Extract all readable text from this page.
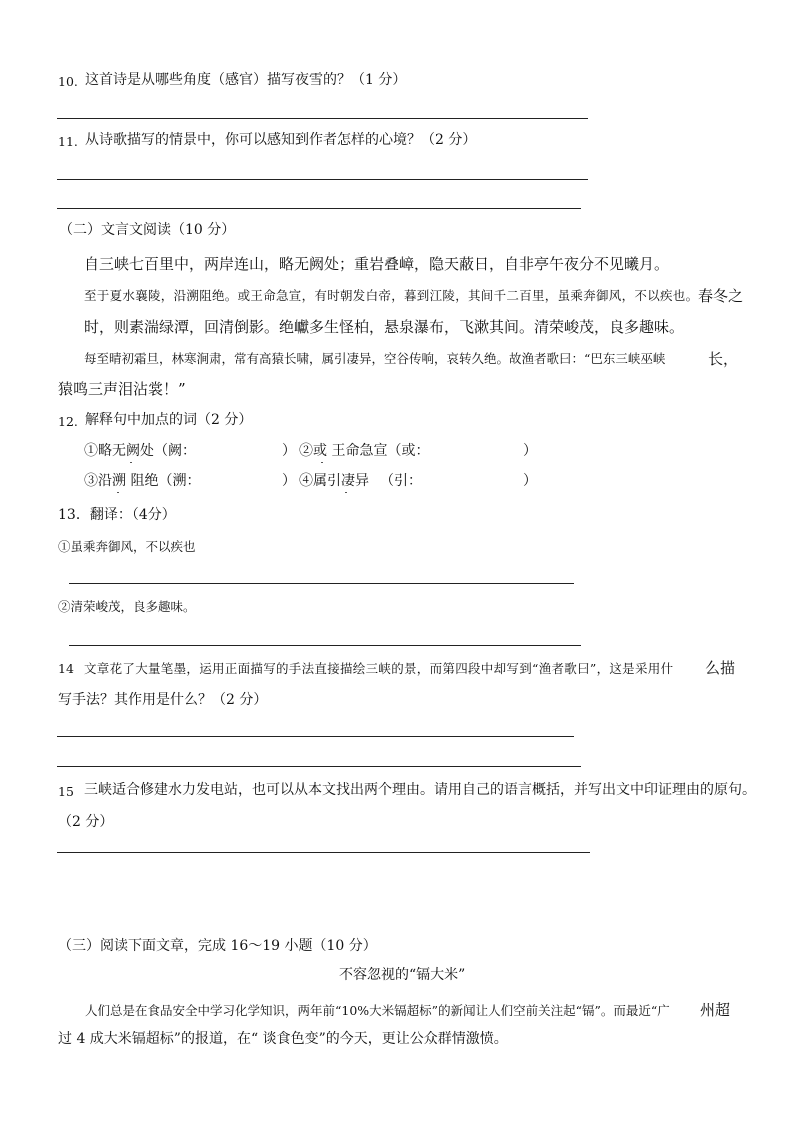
10. 这首诗是从哪些角度（感官）描写夜雪的？（1 分）
11. 从诗歌描写的情景中，你可以感知到作者怎样的心境？（2 分）
（二）文言文阅读（10 分）
自三峡七百里中，两岸连山，略无阙处；重岩叠嶂，隐天蔽日，自非亭午夜分不见曦月。
至于夏水襄陵，沿溯阻绝。或王命急宣，有时朝发白帝，暮到江陵，其间千二百里，虽乘奔御风，不以疾也。 春冬之
时，则素湍绿潭，回清倒影。绝巘多生怪柏，悬泉瀑布，飞漱其间。清荣峻茂，良多趣味。
每至晴初霜旦，林寒涧肃，常有高猿长啸，属引凄异，空谷传响，哀转久绝。故渔者歌曰：“巴东三峡巫峡	长，
猿鸣三声泪沾裳！”
12. 解释句中加点的词（2 分）
①略无阙处（阙：	） ②或 王命急宣（或：	）
③沿溯 阻绝（溯：	） ④属引凄异 （引：	）
13．翻译：（4分）
①虽乘奔御风，不以疾也
②清荣峻茂，良多趣味。
14 文章花了大量笔墨，运用正面描写的手法直接描绘三峡的景，而第四段中却写到“渔者歌曰”，这是采用什 么描
写手法？其作用是什么？（2 分）
15 三峡适合修建水力发电站，也可以从本文找出两个理由。请用自己的语言概括，并写出文中印证理由的原句。
（2 分）
（三）阅读下面文章，完成 16～19 小题（10 分）
不容忽视的“镉大米”
人们总是在食品安全中学习化学知识，两年前“10%大米镉超标”的新闻让人们空前关注起“镉”。而最近“广 州超
过 4 成大米镉超标”的报道，在“ 谈食色变”的今天，更让公众群情激愤。
